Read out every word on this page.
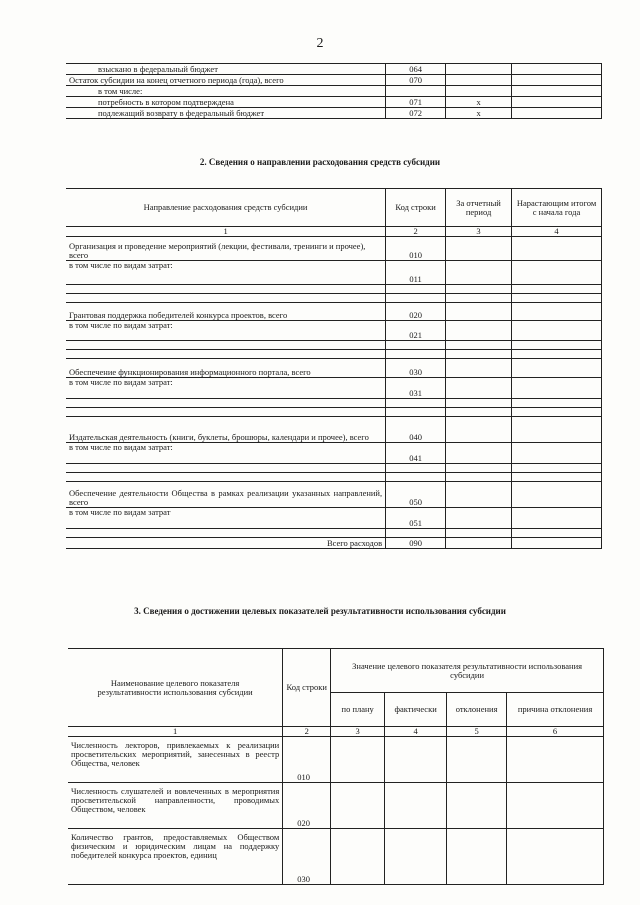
2
взыскано в федеральный бюджет	064		
Остаток субсидии на конец отчетного периода (года), всего	070		
в том числе:			
потребность в котором подтверждена	071	х	
подлежащий возврату в федеральный бюджет	072	х	
2. Сведения о направлении расходования средств субсидии
Направление расходования средств субсидии	Код строки	За отчетный период	Нарастающим итогом с начала года
1	2	3	4
Организация и проведение мероприятий (лекции, фестивали, тренинги и прочее), всего	010		
в том числе по видам затрат:	011		

Грантовая поддержка победителей конкурса проектов, всего	020		
в том числе по видам затрат:	021		

Обеспечение функционирования информационного портала, всего	030		
в том числе по видам затрат:	031		

Издательская деятельность (книги, буклеты, брошюры, календари и прочее), всего	040		
в том числе по видам затрат:	041		

Обеспечение деятельности Общества в рамках реализации указанных направлений, всего	050		
в том числе по видам затрат	051		

Всего расходов	090		
3. Сведения о достижении целевых показателей результативности использования субсидии
Наименование целевого показателя результативности использования субсидии	Код строки	Значение целевого показателя результативности использования субсидии			
		по плану	фактически	отклонения	причина отклонения
1	2	3	4	5	6
Численность лекторов, привлекаемых к реализации просветительских мероприятий, занесенных в реестр Общества, человек	010				
Численность слушателей и вовлеченных в мероприятия просветительской направленности, проводимых Обществом, человек	020				
Количество грантов, предоставляемых Обществом физическим и юридическим лицам на поддержку победителей конкурса проектов, единиц	030				
